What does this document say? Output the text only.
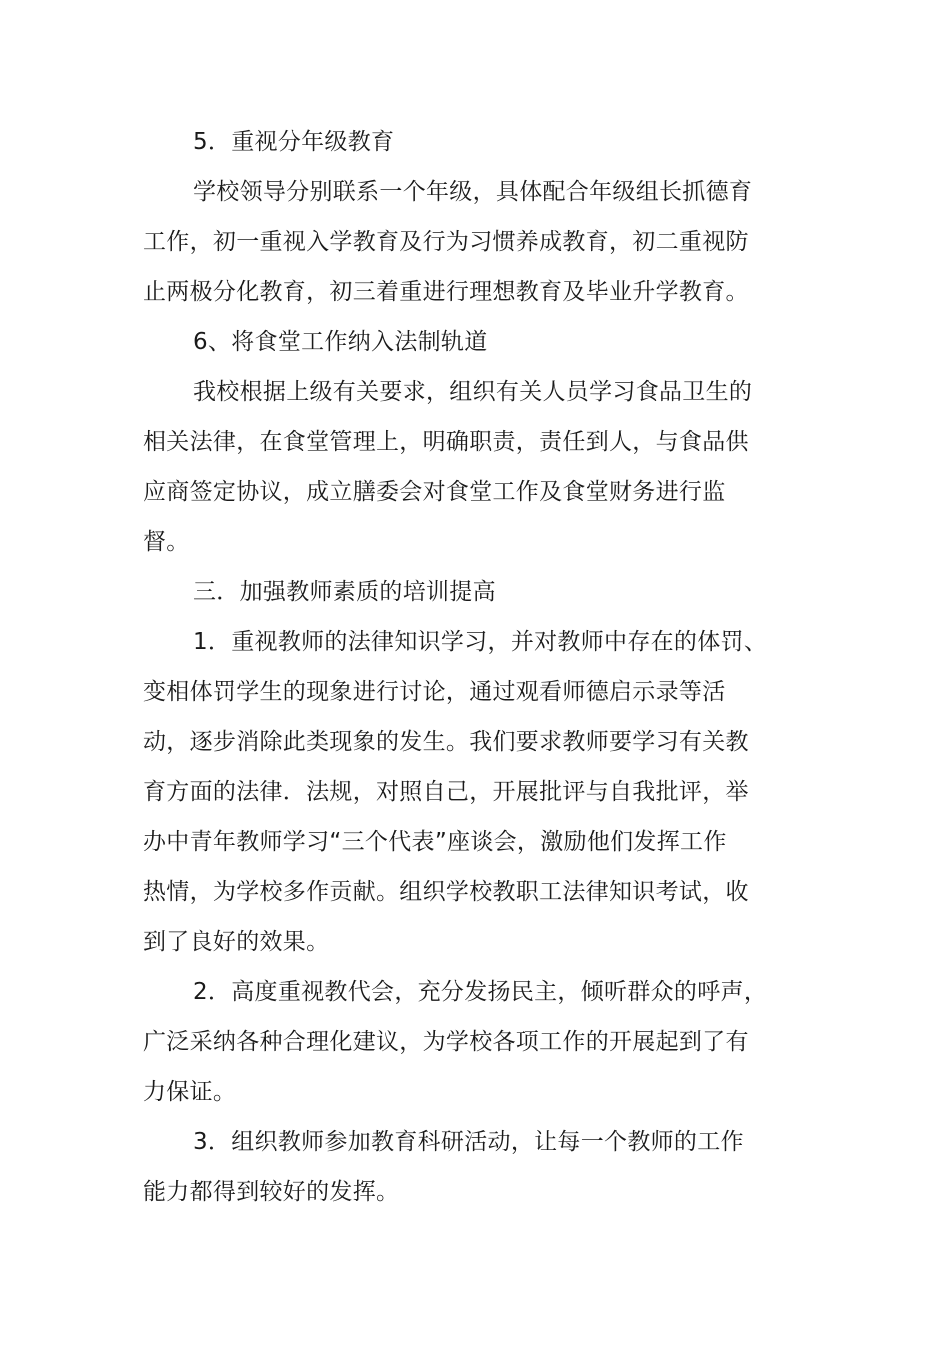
5．重视分年级教育
学校领导分别联系一个年级，具体配合年级组长抓德育
工作，初一重视入学教育及行为习惯养成教育，初二重视防
止两极分化教育，初三着重进行理想教育及毕业升学教育。
6、将食堂工作纳入法制轨道
我校根据上级有关要求，组织有关人员学习食品卫生的
相关法律，在食堂管理上，明确职责，责任到人，与食品供
应商签定协议，成立膳委会对食堂工作及食堂财务进行监
督。
三．加强教师素质的培训提高
1．重视教师的法律知识学习，并对教师中存在的体罚、
变相体罚学生的现象进行讨论，通过观看师德启示录等活
动，逐步消除此类现象的发生。我们要求教师要学习有关教
育方面的法律．法规，对照自己，开展批评与自我批评，举
办中青年教师学习“三个代表”座谈会，激励他们发挥工作
热情，为学校多作贡献。组织学校教职工法律知识考试，收
到了良好的效果。
2．高度重视教代会，充分发扬民主，倾听群众的呼声，
广泛采纳各种合理化建议，为学校各项工作的开展起到了有
力保证。
3．组织教师参加教育科研活动，让每一个教师的工作
能力都得到较好的发挥。
